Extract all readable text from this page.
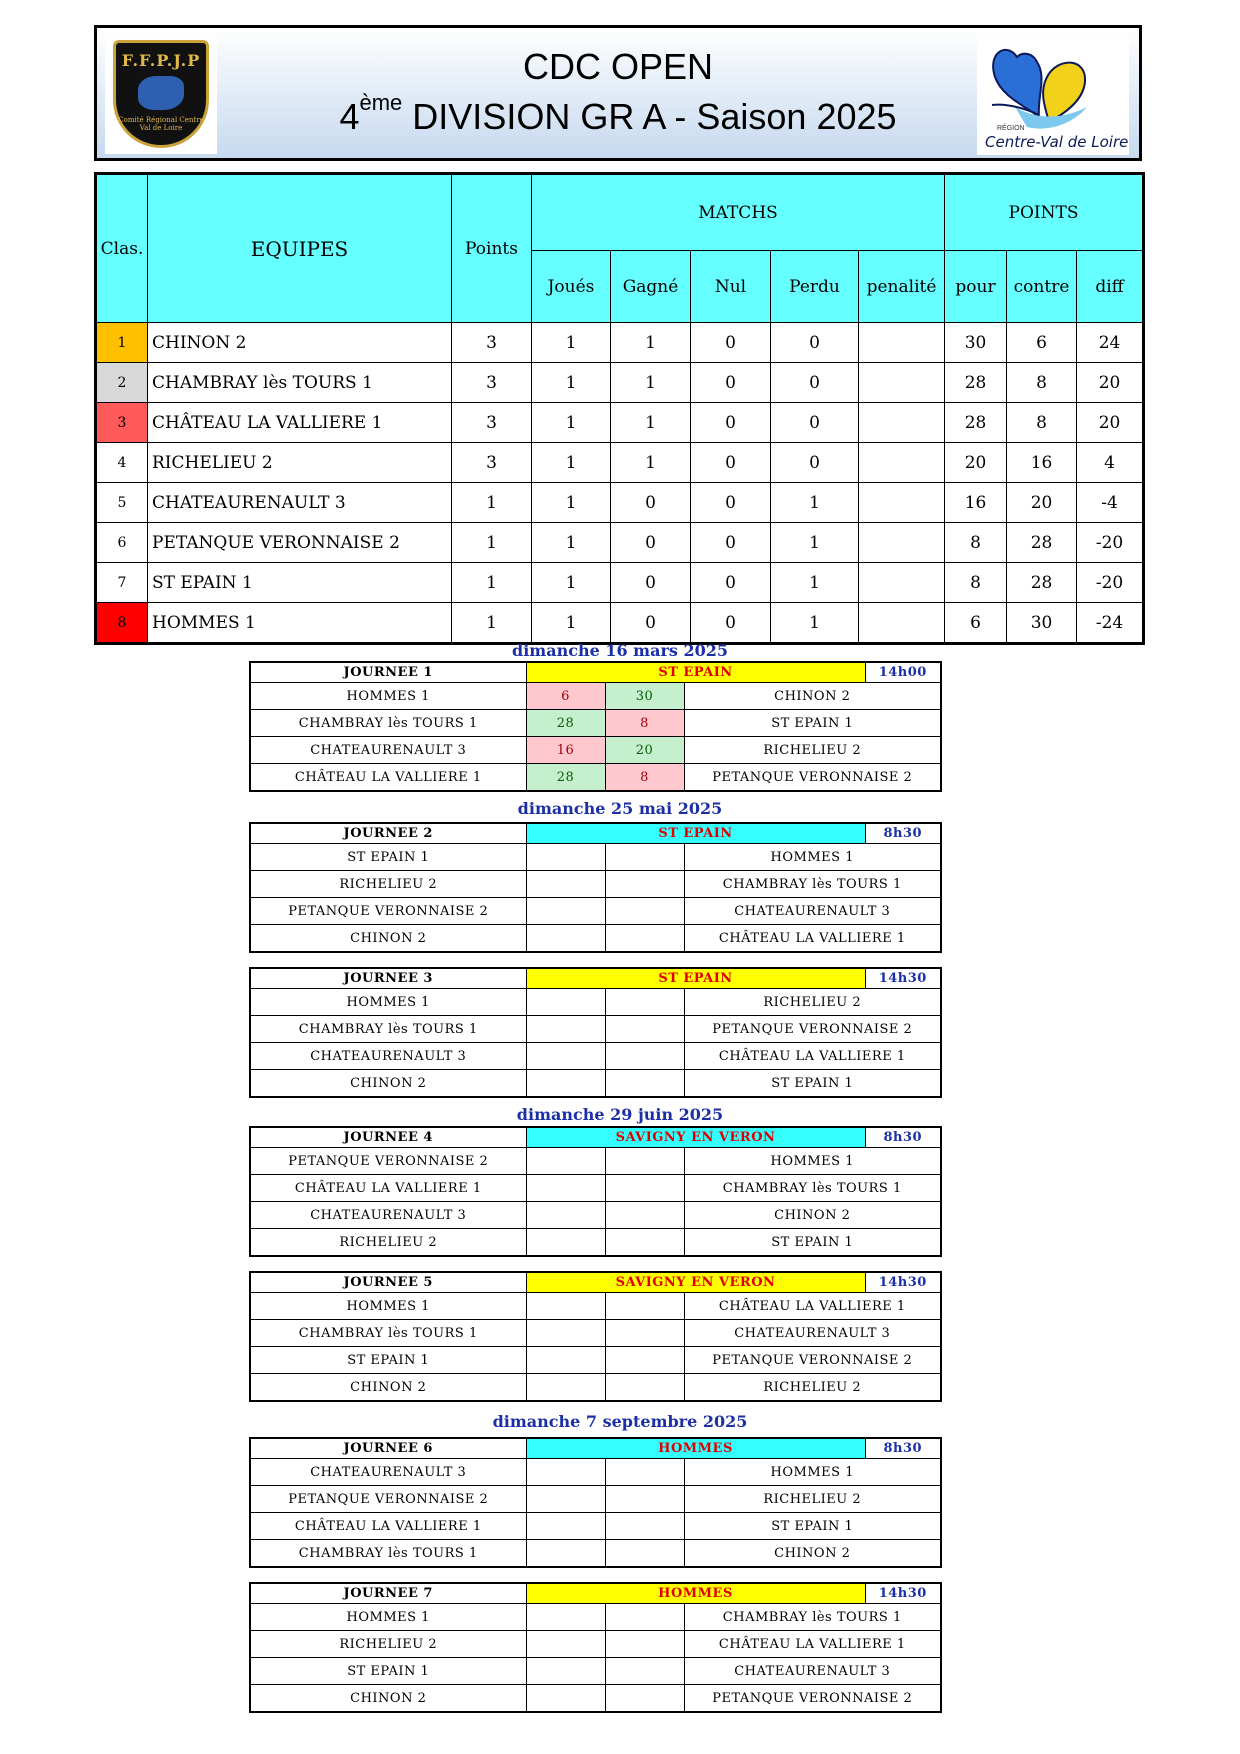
F.F.P.J.P
Comité Régional Centre Val de Loire
CDC OPEN
4ème DIVISION GR A - Saison 2025	RÉGION
Centre-Val de Loire
Clas.	EQUIPES	Points	MATCHS					POINTS		
			Joués	Gagné	Nul	Perdu	penalité	pour	contre	diff
1	CHINON 2	3	1	1	0	0		30	6	24
2	CHAMBRAY lès TOURS 1	3	1	1	0	0		28	8	20
3	CHÂTEAU LA VALLIERE 1	3	1	1	0	0		28	8	20
4	RICHELIEU 2	3	1	1	0	0		20	16	4
5	CHATEAURENAULT 3	1	1	0	0	1		16	20	-4
6	PETANQUE VERONNAISE 2	1	1	0	0	1		8	28	-20
7	ST EPAIN 1	1	1	0	0	1		8	28	-20
8	HOMMES 1	1	1	0	0	1		6	30	-24
dimanche 16 mars 2025
JOURNEE 1	ST EPAIN			14h00
HOMMES 1	6	30	CHINON 2	
CHAMBRAY lès TOURS 1	28	8	ST EPAIN 1	
CHATEAURENAULT 3	16	20	RICHELIEU 2	
CHÂTEAU LA VALLIERE 1	28	8	PETANQUE VERONNAISE 2	
dimanche 25 mai 2025
JOURNEE 2	ST EPAIN			8h30
ST EPAIN 1			HOMMES 1	
RICHELIEU 2			CHAMBRAY lès TOURS 1	
PETANQUE VERONNAISE 2			CHATEAURENAULT 3	
CHINON 2			CHÂTEAU LA VALLIERE 1	
JOURNEE 3	ST EPAIN			14h30
HOMMES 1			RICHELIEU 2	
CHAMBRAY lès TOURS 1			PETANQUE VERONNAISE 2	
CHATEAURENAULT 3			CHÂTEAU LA VALLIERE 1	
CHINON 2			ST EPAIN 1	
dimanche 29 juin 2025
JOURNEE 4	SAVIGNY EN VERON			8h30
PETANQUE VERONNAISE 2			HOMMES 1	
CHÂTEAU LA VALLIERE 1			CHAMBRAY lès TOURS 1	
CHATEAURENAULT 3			CHINON 2	
RICHELIEU 2			ST EPAIN 1	
JOURNEE 5	SAVIGNY EN VERON			14h30
HOMMES 1			CHÂTEAU LA VALLIERE 1	
CHAMBRAY lès TOURS 1			CHATEAURENAULT 3	
ST EPAIN 1			PETANQUE VERONNAISE 2	
CHINON 2			RICHELIEU 2	
dimanche 7 septembre 2025
JOURNEE 6	HOMMES			8h30
CHATEAURENAULT 3			HOMMES 1	
PETANQUE VERONNAISE 2			RICHELIEU 2	
CHÂTEAU LA VALLIERE 1			ST EPAIN 1	
CHAMBRAY lès TOURS 1			CHINON 2	
JOURNEE 7	HOMMES			14h30
HOMMES 1			CHAMBRAY lès TOURS 1	
RICHELIEU 2			CHÂTEAU LA VALLIERE 1	
ST EPAIN 1			CHATEAURENAULT 3	
CHINON 2			PETANQUE VERONNAISE 2	
